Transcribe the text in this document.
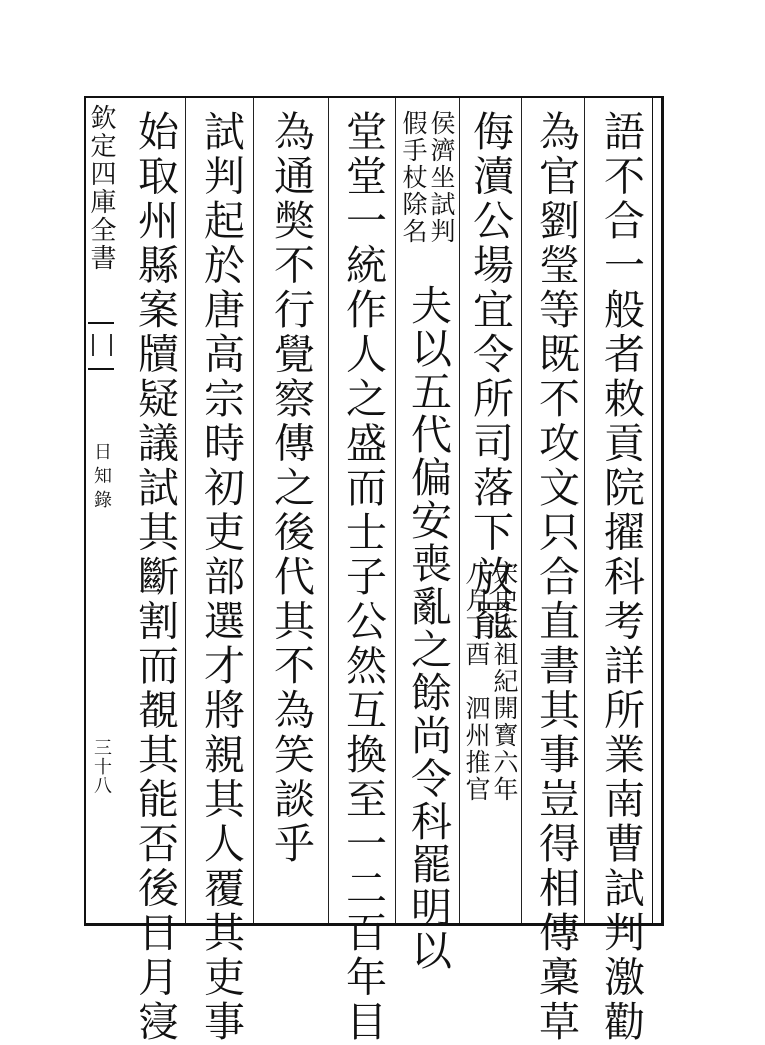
欽定四庫全書
日知錄
三十八	語不合一般者敕貢院擢科考詳所業南曹試判激勸
為官劉瑩等既不攻文只合直書其事豈得相傳稾草
侮瀆公場宜令所司落下放罷
宋史太祖紀開寳六年
八月丁酉　泗州推官
侯濟坐試判
假手杖除名
夫以五代偏安喪亂之餘尚令科罷明以
堂堂一統作人之盛而士子公然互換至一二百年目
為通獘不行覺察傳之後代其不為笑談乎
試判起於唐高宗時初吏部選才將親其人覆其吏事
始取州縣案牘疑議試其斷割而覩其能否後日月寖
